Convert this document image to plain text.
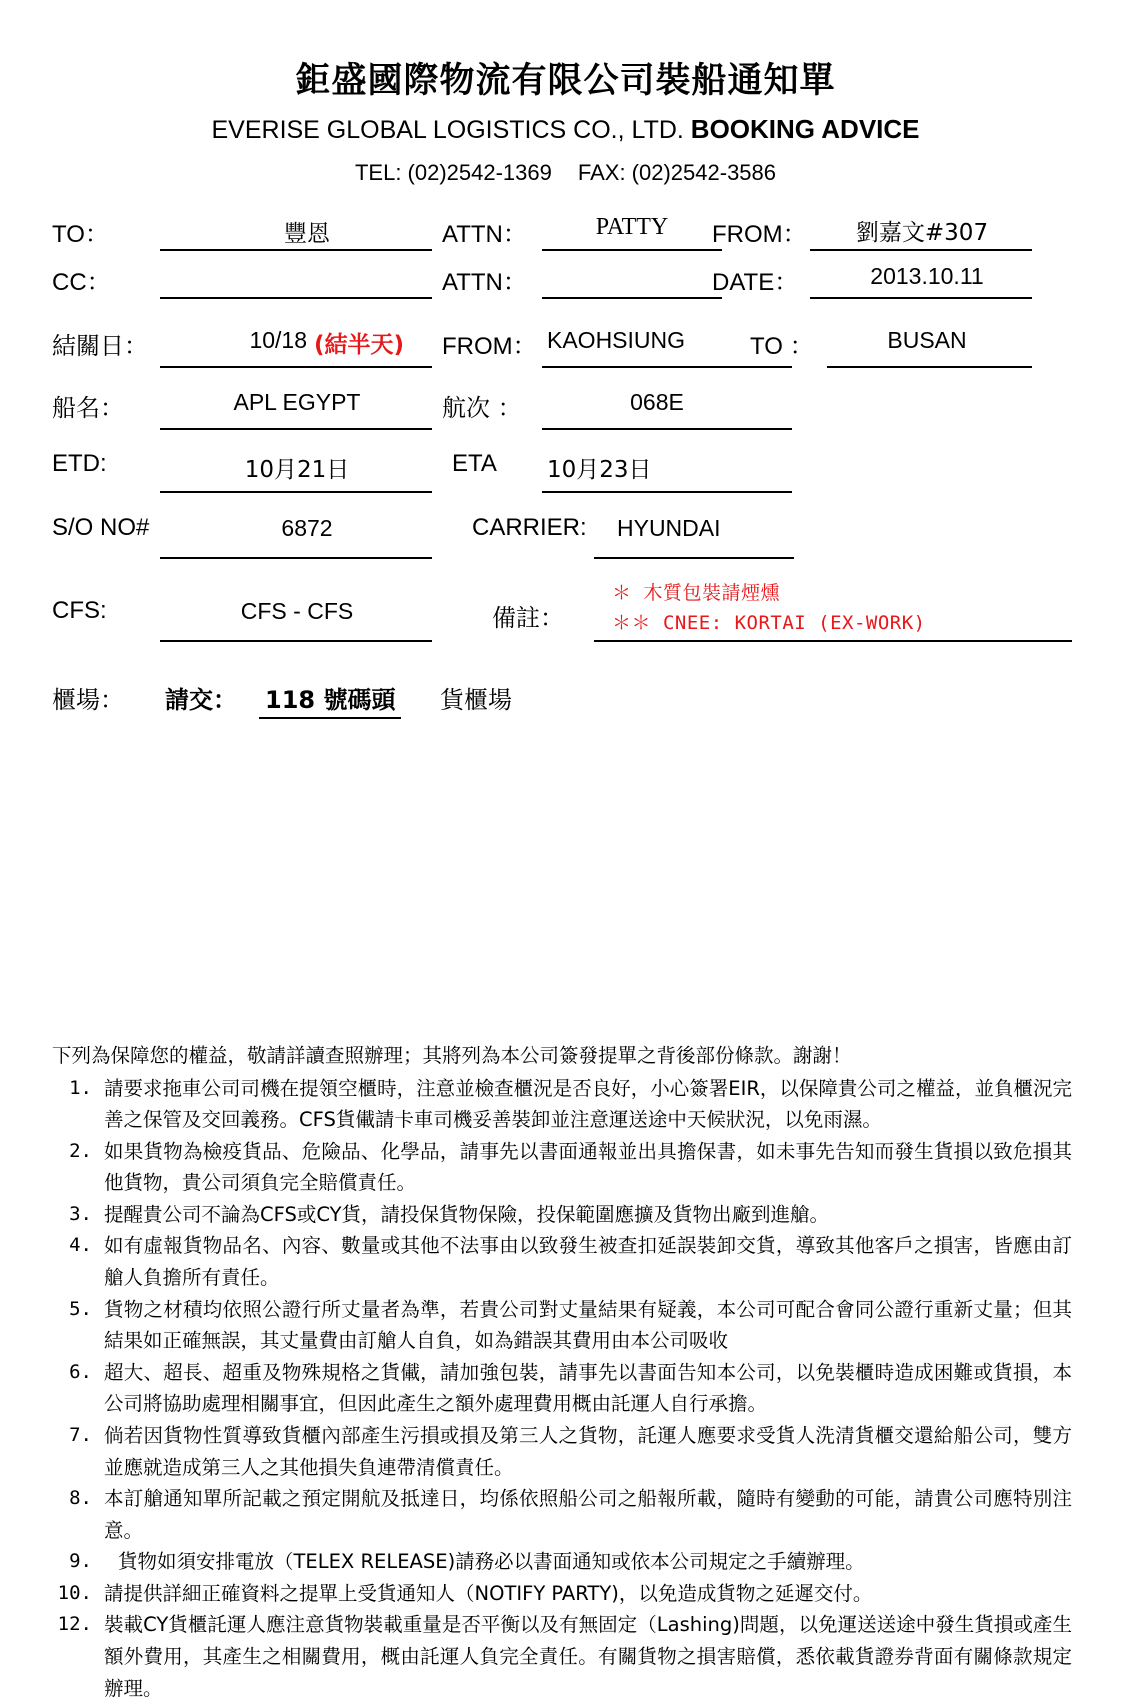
鉅盛國際物流有限公司裝船通知單
EVERISE GLOBAL LOGISTICS CO., LTD. BOOKING ADVICE
TEL: (02)2542-1369 FAX: (02)2542-3586
TO：	豐恩	ATTN：	PATTY	FROM：	劉嘉文#307
CC：	ATTN：	DATE：	2013.10.11
結關日：	10/18 (結半天)	FROM： KAOHSIUNG	TO ：	BUSAN
船名：	APL EGYPT	航次 ：	068E
ETD:	10月21日	ETA 10月23日
S/O NO#	6872	CARRIER: HYUNDAI
CFS:	CFS - CFS	備註：
＊ 木質包裝請煙燻
＊＊ CNEE: KORTAI (EX-WORK)
櫃場： 請交： 118 號碼頭 貨櫃場
下列為保障您的權益，敬請詳讀查照辦理；其將列為本公司簽發提單之背後部份條款。謝謝！
1. 請要求拖車公司司機在提領空櫃時，注意並檢查櫃況是否良好，小心簽署EIR，以保障貴公司之權益，並負櫃況完善之保管及交回義務。CFS貨儎請卡車司機妥善裝卸並注意運送途中天候狀況，以免雨濕。
2. 如果貨物為檢疫貨品、危險品、化學品，請事先以書面通報並出具擔保書，如未事先告知而發生貨損以致危損其他貨物，貴公司須負完全賠償責任。
3. 提醒貴公司不論為CFS或CY貨，請投保貨物保險，投保範圍應擴及貨物出廠到進艙。
4. 如有虛報貨物品名、內容、數量或其他不法事由以致發生被查扣延誤裝卸交貨，導致其他客戶之損害，皆應由訂艙人負擔所有責任。
5. 貨物之材積均依照公證行所丈量者為準，若貴公司對丈量結果有疑義，本公司可配合會同公證行重新丈量；但其結果如正確無誤，其丈量費由訂艙人自負，如為錯誤其費用由本公司吸收
6. 超大、超長、超重及物殊規格之貨儎，請加強包裝，請事先以書面告知本公司，以免裝櫃時造成困難或貨損，本公司將協助處理相關事宜，但因此產生之額外處理費用概由託運人自行承擔。
7. 倘若因貨物性質導致貨櫃內部產生污損或損及第三人之貨物，託運人應要求受貨人洗清貨櫃交還給船公司，雙方並應就造成第三人之其他損失負連帶清償責任。
8. 本訂艙通知單所記載之預定開航及抵達日，均係依照船公司之船報所載，隨時有變動的可能，請貴公司應特別注意。
9.	貨物如須安排電放（TELEX RELEASE)請務必以書面通知或依本公司規定之手續辦理。
10. 請提供詳細正確資料之提單上受貨通知人（NOTIFY PARTY)，以免造成貨物之延遲交付。
12. 裝載CY貨櫃託運人應注意貨物裝載重量是否平衡以及有無固定（Lashing)問題，以免運送送途中發生貨損或產生額外費用，其產生之相關費用，概由託運人負完全責任。有關貨物之損害賠償，悉依載貨證券背面有關條款規定辦理。
